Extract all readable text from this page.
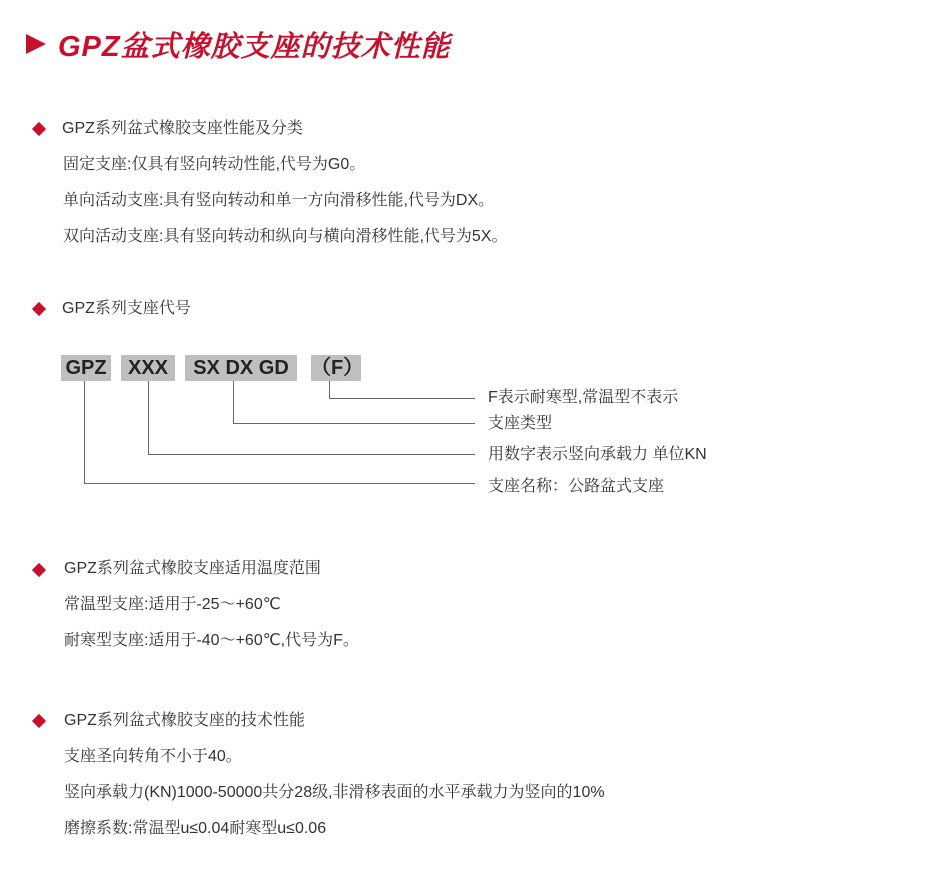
GPZ盆式橡胶支座的技术性能
GPZ系列盆式橡胶支座性能及分类
固定支座:仅具有竖向转动性能,代号为G0。
单向活动支座:具有竖向转动和单一方向滑移性能,代号为DX。
双向活动支座:具有竖向转动和纵向与横向滑移性能,代号为5X。
GPZ系列支座代号
GPZ	XXX	SX DX GD	（F）
F表示耐寒型,常温型不表示
支座类型
用数字表示竖向承载力 单位KN
支座名称：公路盆式支座
GPZ系列盆式橡胶支座适用温度范围
常温型支座:适用于-25～+60℃
耐寒型支座:适用于-40～+60℃,代号为F。
GPZ系列盆式橡胶支座的技术性能
支座圣向转角不小于40。
竖向承载力(KN)1000-50000共分28级,非滑移表面的水平承载力为竖向的10%
磨擦系数:常温型u≤0.04耐寒型u≤0.06
